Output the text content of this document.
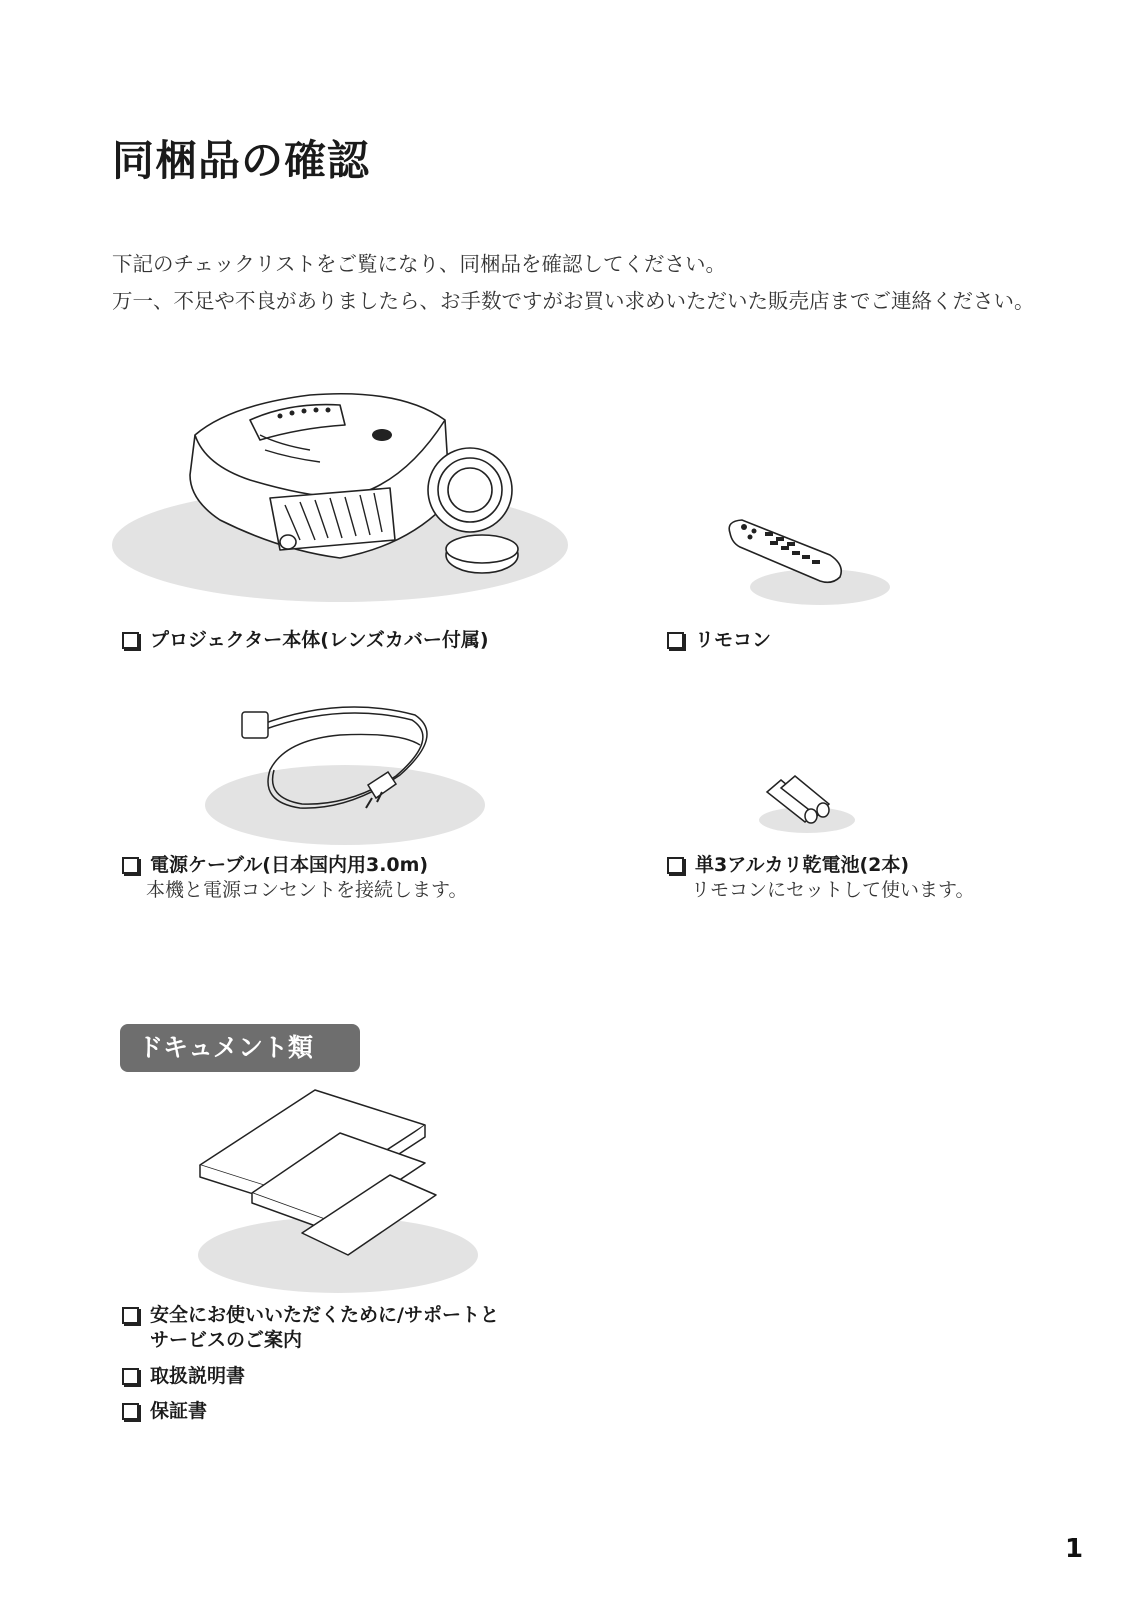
同梱品の確認

下記のチェックリストをご覧になり、同梱品を確認してください。

万一、不足や不良がありましたら、お手数ですがお買い求めいただいた販売店までご連絡ください。

プロジェクター本体(レンズカバー付属)	リモコン
電源ケーブル(日本国内用3.0m)
本機と電源コンセントを接続します。
単3アルカリ乾電池(2本)
リモコンにセットして使います。
ドキュメント類
安全にお使いいただくために/サポートと
サービスのご案内
取扱説明書
保証書
1
